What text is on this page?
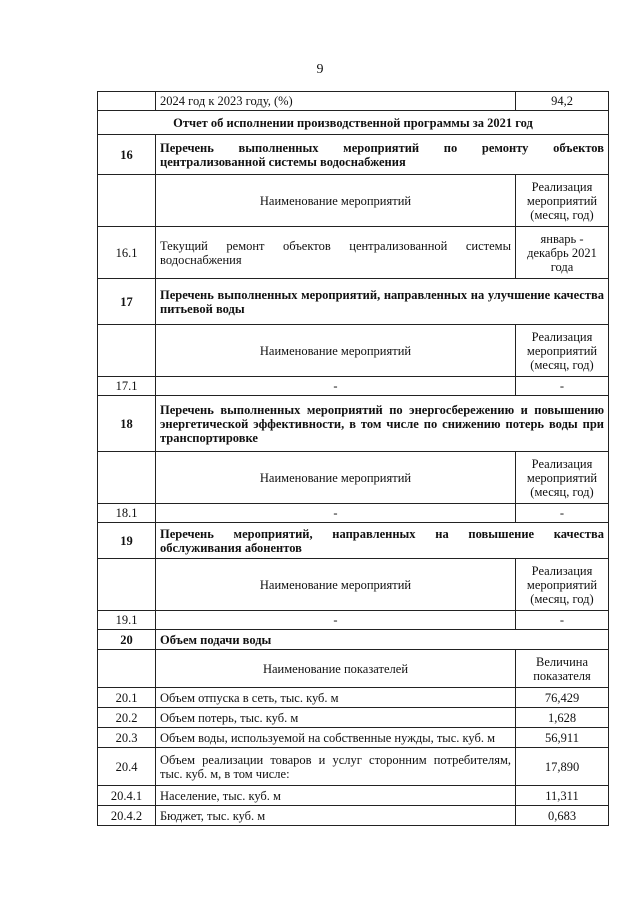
9
	2024 год к 2023 году, (%)	94,2
Отчет об исполнении производственной программы за 2021 год		
16	Перечень выполненных мероприятий по ремонту объектов централизованной системы водоснабжения	
	Наименование мероприятий	Реализация мероприятий (месяц, год)
16.1	Текущий ремонт объектов централизованной системы водоснабжения	январь - декабрь 2021 года
17	Перечень выполненных мероприятий, направленных на улучшение качества питьевой воды	
	Наименование мероприятий	Реализация мероприятий (месяц, год)
17.1	-	-
18	Перечень выполненных мероприятий по энергосбережению и повышению энергетической эффективности, в том числе по снижению потерь воды при транспортировке	
	Наименование мероприятий	Реализация мероприятий (месяц, год)
18.1	-	-
19	Перечень мероприятий, направленных на повышение качества обслуживания абонентов	
	Наименование мероприятий	Реализация мероприятий (месяц, год)
19.1	-	-
20	Объем подачи воды	
	Наименование показателей	Величина показателя
20.1	Объем отпуска в сеть, тыс. куб. м	76,429
20.2	Объем потерь, тыс. куб. м	1,628
20.3	Объем воды, используемой на собственные нужды, тыс. куб. м	56,911
20.4	Объем реализации товаров и услуг сторонним потребителям, тыс. куб. м, в том числе:	17,890
20.4.1	Население, тыс. куб. м	11,311
20.4.2	Бюджет, тыс. куб. м	0,683
